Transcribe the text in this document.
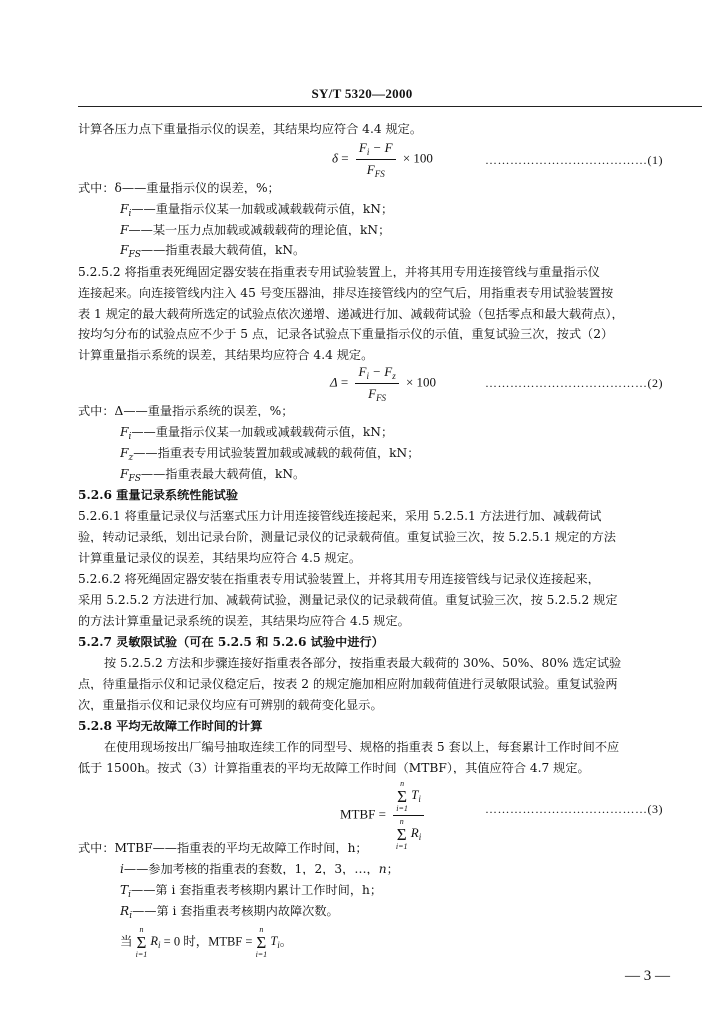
SY/T 5320—2000
计算各压力点下重量指示仪的误差，其结果均应符合 4.4 规定。
$\delta = \frac{F_i - F}{F_{FS}} \times 100$	…………………………………(1)
式中：δ——重量指示仪的误差，%；
$F_i——$重量指示仪某一加载或减载载荷示值，kN；
F——某一压力点加载或减载载荷的理论值，kN；
$F_{FS}——$指重表最大载荷值，kN。
5.2.5.2 将指重表死绳固定器安装在指重表专用试验装置上，并将其用专用连接管线与重量指示仪
连接起来。向连接管线内注入 45 号变压器油，排尽连接管线内的空气后，用指重表专用试验装置按
表 1 规定的最大载荷所选定的试验点依次递增、递减进行加、减载荷试验（包括零点和最大载荷点），
按均匀分布的试验点应不少于 5 点，记录各试验点下重量指示仪的示值，重复试验三次，按式（2）
计算重量指示系统的误差，其结果均应符合 4.4 规定。
$\Delta = \frac{F_i - F_z}{F_{FS}} \times 100$	…………………………………(2)
式中：Δ——重量指示系统的误差，%；
$F_i——$重量指示仪某一加载或减载载荷示值，kN；
$F_z——$指重表专用试验装置加载或减载的载荷值，kN；
$F_{FS}——$指重表最大载荷值，kN。
5.2.6 重量记录系统性能试验
5.2.6.1 将重量记录仪与活塞式压力计用连接管线连接起来，采用 5.2.5.1 方法进行加、减载荷试
验，转动记录纸，划出记录台阶，测量记录仪的记录载荷值。重复试验三次，按 5.2.5.1 规定的方法
计算重量记录仪的误差，其结果均应符合 4.5 规定。
5.2.6.2 将死绳固定器安装在指重表专用试验装置上，并将其用专用连接管线与记录仪连接起来，
采用 5.2.5.2 方法进行加、减载荷试验，测量记录仪的记录载荷值。重复试验三次，按 5.2.5.2 规定
的方法计算重量记录系统的误差，其结果均应符合 4.5 规定。
5.2.7 灵敏限试验（可在 5.2.5 和 5.2.6 试验中进行）
按 5.2.5.2 方法和步骤连接好指重表各部分，按指重表最大载荷的 30%、50%、80% 选定试验
点，待重量指示仪和记录仪稳定后，按表 2 的规定施加相应附加载荷值进行灵敏限试验。重复试验两
次，重量指示仪和记录仪均应有可辨别的载荷变化显示。
5.2.8 平均无故障工作时间的计算
在使用现场按出厂编号抽取连续工作的同型号、规格的指重表 5 套以上，每套累计工作时间不应
低于 1500h。按式（3）计算指重表的平均无故障工作时间（MTBF），其值应符合 4.7 规定。
MTBF = n
Σ
i=1
$T_i$
n
Σ
i=1
$R_i$	…………………………………(3)
式中：MTBF——指重表的平均无故障工作时间，h；
i——参加考核的指重表的套数，1，2，3，…，n；
$T_i——$第 i 套指重表考核期内累计工作时间，h；
$R_i——$第 i 套指重表考核期内故障次数。
当
n
Σ
i=1
$R_i = 0$ 时，MTBF =
n
Σ
i=1
$T_i$。
— 3 —
